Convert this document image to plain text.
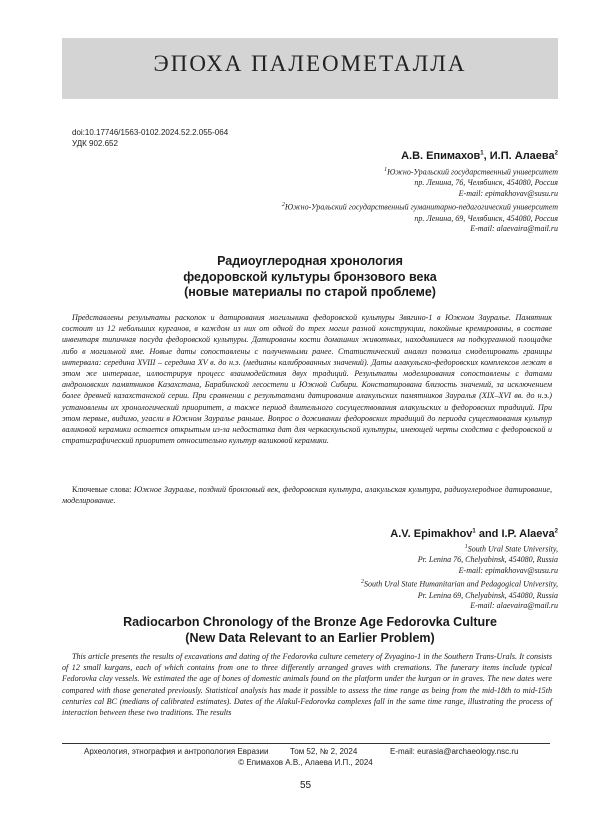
ЭПОХА ПАЛЕОМЕТАЛЛА
doi:10.17746/1563-0102.2024.52.2.055-064
УДК 902.652
А.В. Епимахов$^1$, И.П. Алаева$^2$
$^1$Южно-Уральский государственный университет
пр. Ленина, 76, Челябинск, 454080, Россия
E-mail: epimakhovav@susu.ru
$^2$Южно-Уральский государственный гуманитарно-педагогический университет
пр. Ленина, 69, Челябинск, 454080, Россия
E-mail: alaevaira@mail.ru
Радиоуглеродная хронология
федоровской культуры бронзового века
(новые материалы по старой проблеме)

Представлены результаты раскопок и датирования могильника федоровской культуры Звягино-1 в Южном Зауралье. Памятник состоит из 12 небольших курганов, в каждом из них от одной до трех могил разной конструкции, покойные кремированы, в составе инвентаря типичная посуда федоровской культуры. Датированы кости домашних животных, находившиеся на подкурганной площадке либо в могильной яме. Новые даты сопоставлены с полученными ранее. Статистический анализ позволил смоделировать границы интервала: середина XVIII – середина XV в. до н.э. (медианы калиброванных значений). Даты алакульско-федоровских комплексов лежат в этом же интервале, иллюстрируя процесс взаимодействия двух традиций. Результаты моделирования сопоставлены с датами андроновских памятников Казахстана, Барабинской лесостепи и Южной Сибири. Констатирована близость значений, за исключением более древней казахстанской серии. При сравнении с результатами датирования алакульских памятников Зауралья (XIX–XVI вв. до н.э.) установлены их хронологический приоритет, а также период длительного сосуществования алакульских и федоровских традиций. При этом первые, видимо, угасли в Южном Зауралье раньше. Вопрос о доживании федоровских традиций до периода существования культур валиковой керамики остается открытым из-за недостатка дат для черкаскульской культуры, имеющей черты сходства с федоровской и стратиграфический приоритет относительно культур валиковой керамики.

Ключевые слова: Южное Зауралье, поздний бронзовый век, федоровская культура, алакульская культура, радиоуглеродное датирование, моделирование.

A.V. Epimakhov$^1$ and I.P. Alaeva$^2$
$^1$South Ural State University,
Pr. Lenina 76, Chelyabinsk, 454080, Russia
E-mail: epimakhovav@susu.ru
$^2$South Ural State Humanitarian and Pedagogical University,
Pr. Lenina 69, Chelyabinsk, 454080, Russia
E-mail: alaevaira@mail.ru
Radiocarbon Chronology of the Bronze Age Fedorovka Culture
(New Data Relevant to an Earlier Problem)

This article presents the results of excavations and dating of the Fedorovka culture cemetery of Zvyagino-1 in the Southern Trans-Urals. It consists of 12 small kurgans, each of which contains from one to three differently arranged graves with cremations. The funerary items include typical Fedorovka clay vessels. We estimated the age of bones of domestic animals found on the platform under the kurgan or in graves. The new dates were compared with those generated previously. Statistical analysis has made it possible to assess the time range as being from the mid-18th to mid-15th centuries cal BC (medians of calibrated estimates). Dates of the Alakul-Fedorovka complexes fall in the same time range, illustrating the process of interaction between these two traditions. The results

Археология, этнография и антропология Евразии	Том 52, № 2, 2024	E-mail: eurasia@archaeology.nsc.ru
© Епимахов А.В., Алаева И.П., 2024
55
